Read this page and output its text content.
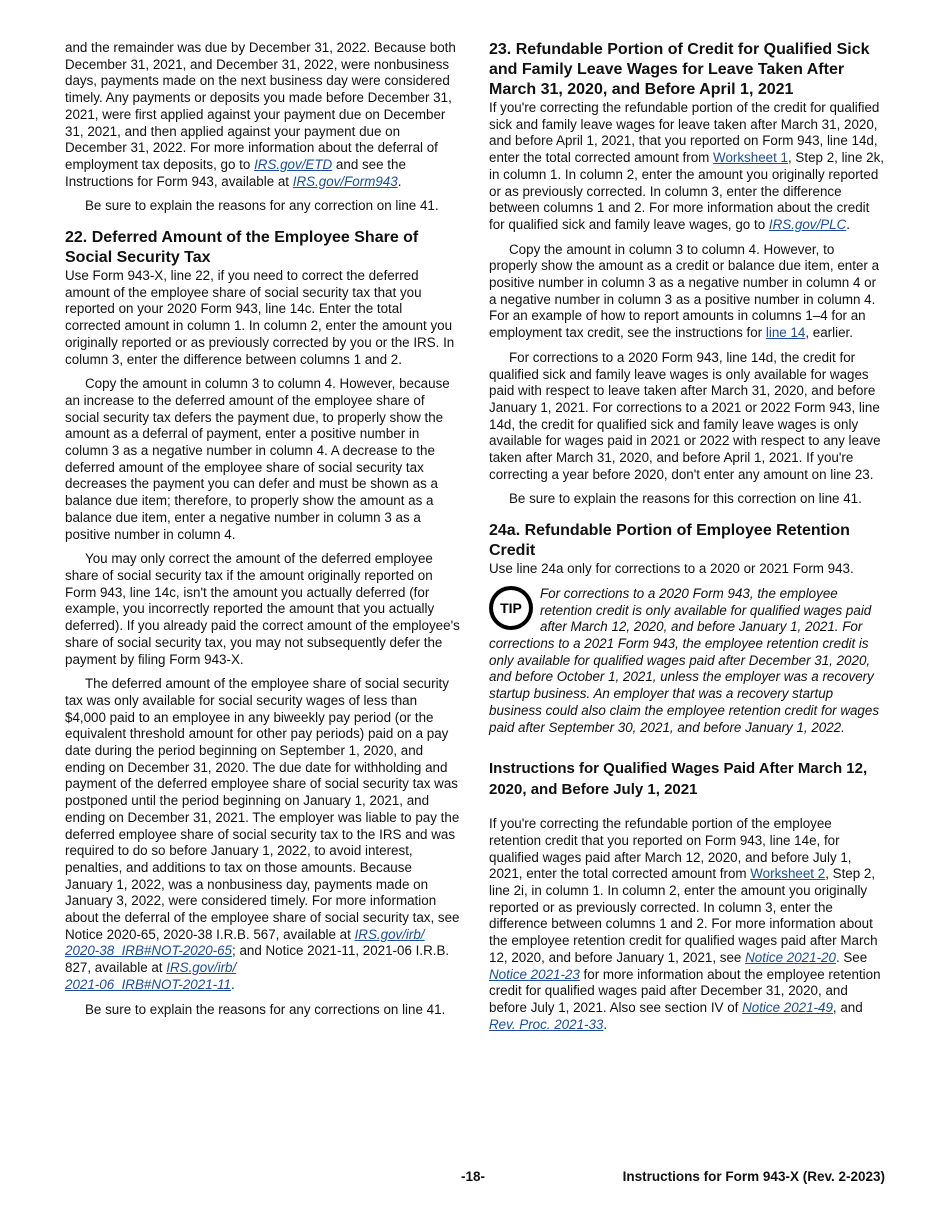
and the remainder was due by December 31, 2022. Because both December 31, 2021, and December 31, 2022, were nonbusiness days, payments made on the next business day were considered timely. Any payments or deposits you made before December 31, 2021, were first applied against your payment due on December 31, 2021, and then applied against your payment due on December 31, 2022. For more information about the deferral of employment tax deposits, go to IRS.gov/ETD and see the Instructions for Form 943, available at IRS.gov/Form943.

Be sure to explain the reasons for any correction on line 41.

22. Deferred Amount of the Employee Share of Social Security Tax

Use Form 943-X, line 22, if you need to correct the deferred amount of the employee share of social security tax that you reported on your 2020 Form 943, line 14c. Enter the total corrected amount in column 1. In column 2, enter the amount you originally reported or as previously corrected by you or the IRS. In column 3, enter the difference between columns 1 and 2.

Copy the amount in column 3 to column 4. However, because an increase to the deferred amount of the employee share of social security tax defers the payment due, to properly show the amount as a deferral of payment, enter a positive number in column 3 as a negative number in column 4. A decrease to the deferred amount of the employee share of social security tax decreases the payment you can defer and must be shown as a balance due item; therefore, to properly show the amount as a balance due item, enter a negative number in column 3 as a positive number in column 4.

You may only correct the amount of the deferred employee share of social security tax if the amount originally reported on Form 943, line 14c, isn't the amount you actually deferred (for example, you incorrectly reported the amount that you actually deferred). If you already paid the correct amount of the employee's share of social security tax, you may not subsequently defer the payment by filing Form 943-X.

The deferred amount of the employee share of social security tax was only available for social security wages of less than $4,000 paid to an employee in any biweekly pay period (or the equivalent threshold amount for other pay periods) paid on a pay date during the period beginning on September 1, 2020, and ending on December 31, 2020. The due date for withholding and payment of the deferred employee share of social security tax was postponed until the period beginning on January 1, 2021, and ending on December 31, 2021. The employer was liable to pay the deferred employee share of social security tax to the IRS and was required to do so before January 1, 2022, to avoid interest, penalties, and additions to tax on those amounts. Because January 1, 2022, was a nonbusiness day, payments made on January 3, 2022, were considered timely. For more information about the deferral of the employee share of social security tax, see Notice 2020-65, 2020-38 I.R.B. 567, available at IRS.gov/irb/
2020-38_IRB#NOT-2020-65; and Notice 2021-11, 2021-06 I.R.B. 827, available at IRS.gov/irb/
2021-06_IRB#NOT-2021-11.

Be sure to explain the reasons for any corrections on line 41.

23. Refundable Portion of Credit for Qualified Sick and Family Leave Wages for Leave Taken After March 31, 2020, and Before April 1, 2021

If you're correcting the refundable portion of the credit for qualified sick and family leave wages for leave taken after March 31, 2020, and before April 1, 2021, that you reported on Form 943, line 14d, enter the total corrected amount from Worksheet 1, Step 2, line 2k, in column 1. In column 2, enter the amount you originally reported or as previously corrected. In column 3, enter the difference between columns 1 and 2. For more information about the credit for qualified sick and family leave wages, go to IRS.gov/PLC.

Copy the amount in column 3 to column 4. However, to properly show the amount as a credit or balance due item, enter a positive number in column 3 as a negative number in column 4 or a negative number in column 3 as a positive number in column 4. For an example of how to report amounts in columns 1–4 for an employment tax credit, see the instructions for line 14, earlier.

For corrections to a 2020 Form 943, line 14d, the credit for qualified sick and family leave wages is only available for wages paid with respect to leave taken after March 31, 2020, and before January 1, 2021. For corrections to a 2021 or 2022 Form 943, line 14d, the credit for qualified sick and family leave wages is only available for wages paid in 2021 or 2022 with respect to any leave taken after March 31, 2020, and before April 1, 2021. If you're correcting a year before 2020, don't enter any amount on line 23.

Be sure to explain the reasons for this correction on line 41.

24a. Refundable Portion of Employee Retention Credit

Use line 24a only for corrections to a 2020 or 2021 Form 943.

TIP

For corrections to a 2020 Form 943, the employee retention credit is only available for qualified wages paid after March 12, 2020, and before January 1, 2021. For corrections to a 2021 Form 943, the employee retention credit is only available for qualified wages paid after December 31, 2020, and before October 1, 2021, unless the employer was a recovery startup business. An employer that was a recovery startup business could also claim the employee retention credit for wages paid after September 30, 2021, and before January 1, 2022.

Instructions for Qualified Wages Paid After March 12, 2020, and Before July 1, 2021

If you're correcting the refundable portion of the employee retention credit that you reported on Form 943, line 14e, for qualified wages paid after March 12, 2020, and before July 1, 2021, enter the total corrected amount from Worksheet 2, Step 2, line 2i, in column 1. In column 2, enter the amount you originally reported or as previously corrected. In column 3, enter the difference between columns 1 and 2. For more information about the employee retention credit for qualified wages paid after March 12, 2020, and before January 1, 2021, see Notice 2021-20. See Notice 2021-23 for more information about the employee retention credit for qualified wages paid after December 31, 2020, and before July 1, 2021. Also see section IV of Notice 2021-49, and Rev. Proc. 2021-33.

-18-	Instructions for Form 943-X (Rev. 2-2023)
